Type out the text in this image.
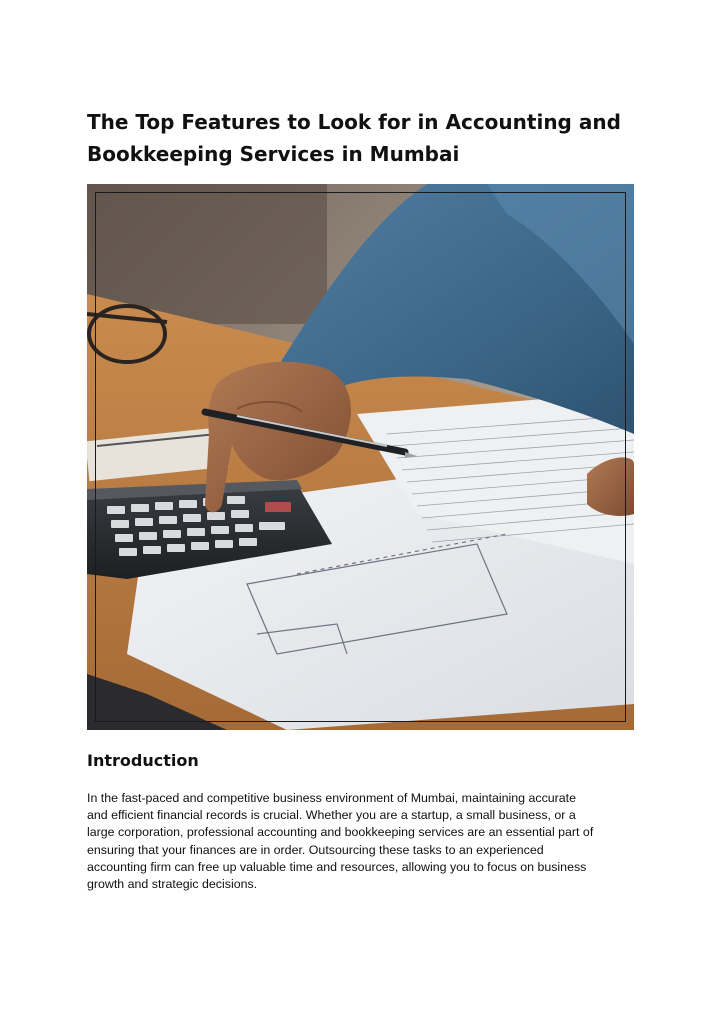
The Top Features to Look for in Accounting and
Bookkeeping Services in Mumbai
Introduction

In the fast-paced and competitive business environment of Mumbai, maintaining accurate
and efficient financial records is crucial. Whether you are a startup, a small business, or a
large corporation, professional accounting and bookkeeping services are an essential part of
ensuring that your finances are in order. Outsourcing these tasks to an experienced
accounting firm can free up valuable time and resources, allowing you to focus on business
growth and strategic decisions.
